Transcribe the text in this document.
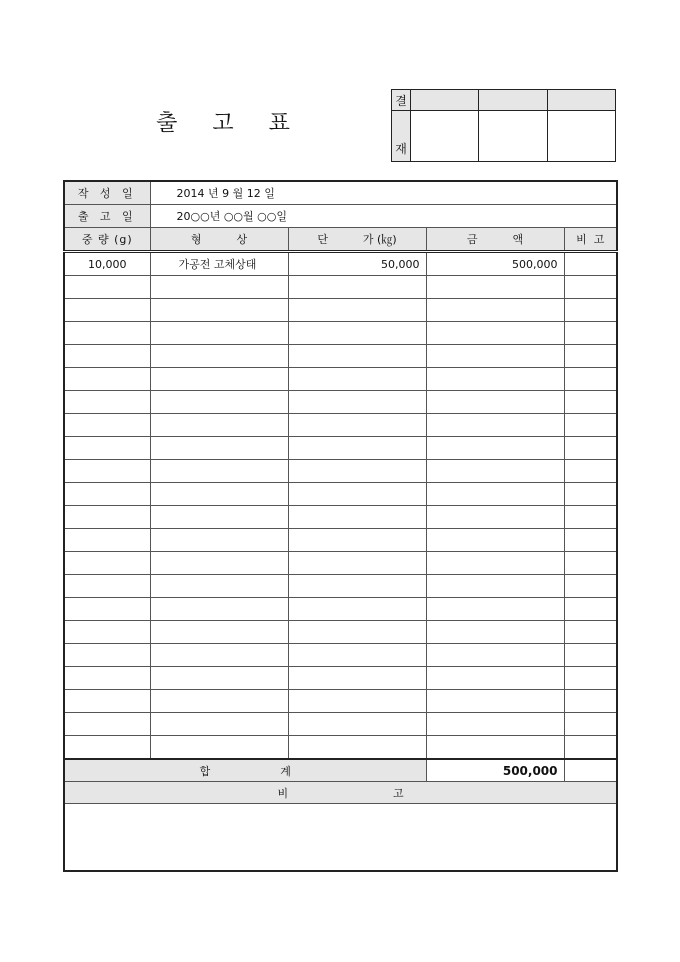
출 고 표
결			
재			
작 성 일	2014 년 9 월 12 일			
출 고 일	20○○년 ○○월 ○○일			
중 량 (g)	형          상	단          가 (㎏)	금          액	비  고
10,000	가공전 고체상태	50,000	500,000	

합                    계			500,000	
비                              고				
